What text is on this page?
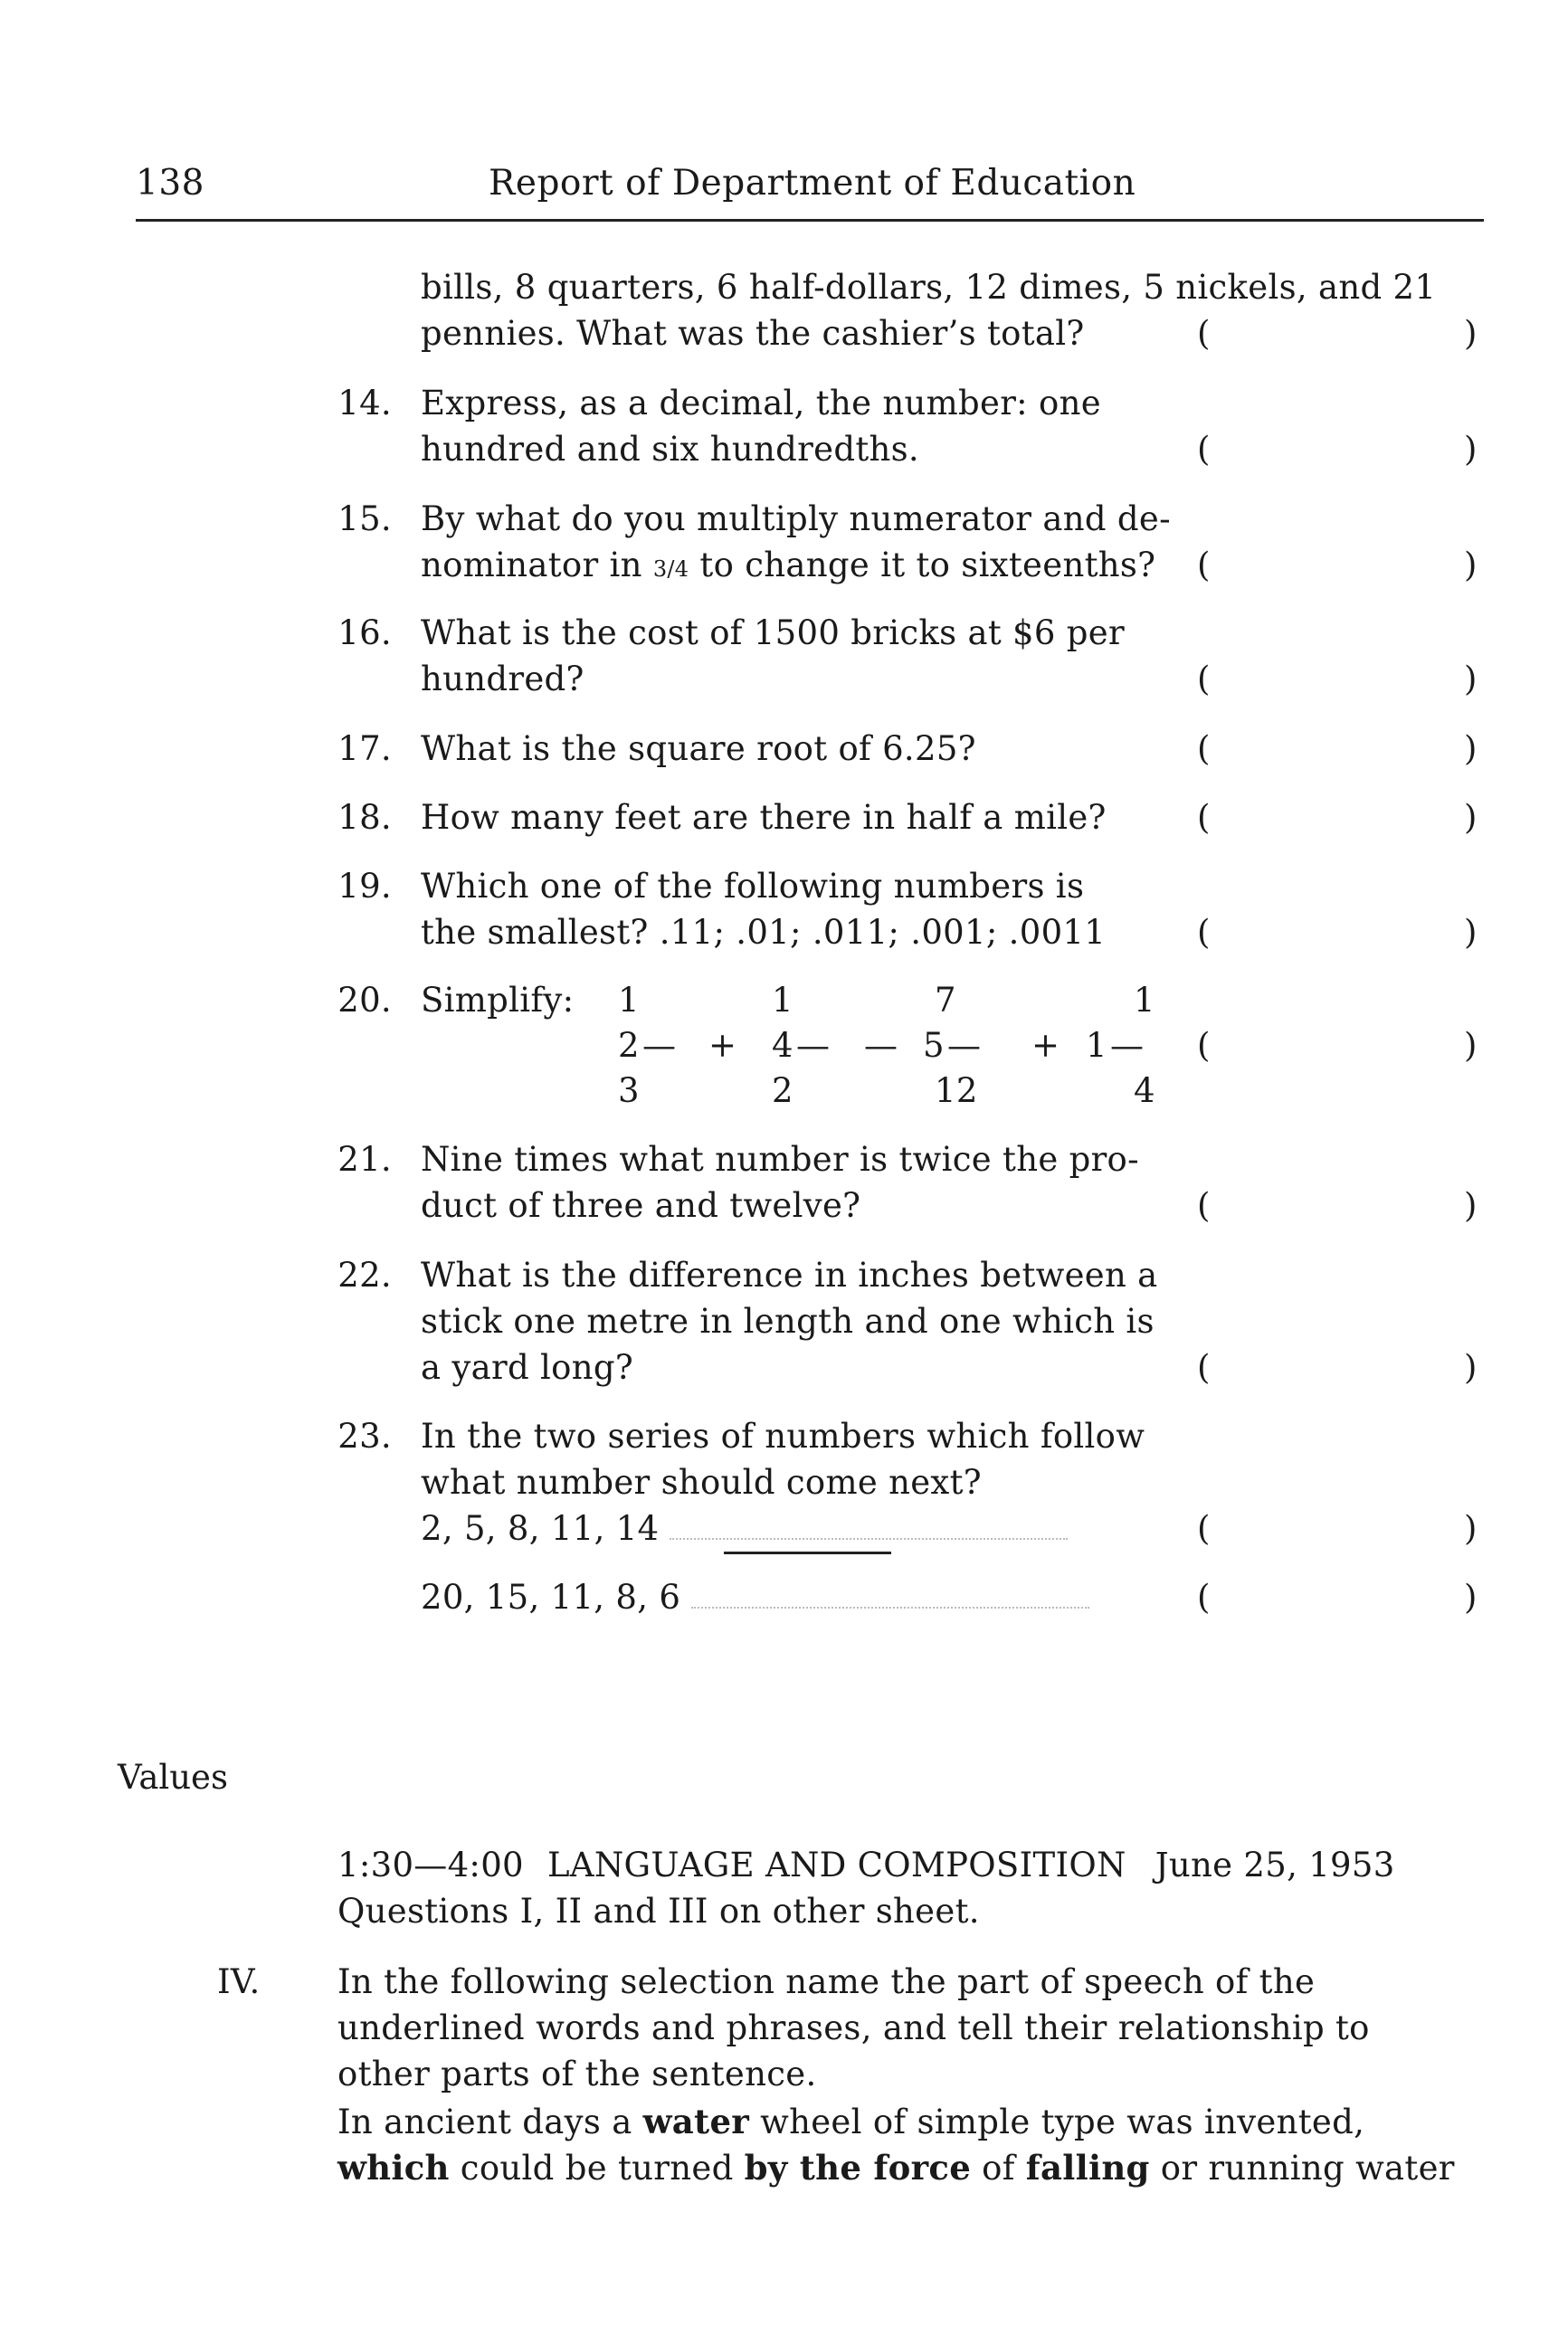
138	Report of Department of Education
bills, 8 quarters, 6 half-dollars, 12 dimes, 5 nickels, and 21
pennies. What was the cashier’s total?	(	)
14. Express, as a decimal, the number: one
hundred and six hundredths.	(	)
15. By what do you multiply numerator and de-
nominator in 3/4 to change it to sixteenths?	(	)
16. What is the cost of 1500 bricks at $6 per
hundred?	(	)
17. What is the square root of 6.25?	(	)
18. How many feet are there in half a mile?	(	)
19. Which one of the following numbers is
the smallest? .11; .01; .011; .001; .0011	(	)
20. Simplify:	1	1	7	1
2 — + 4 — — 5 — + 1 —
3	2	12	4
(	)
21. Nine times what number is twice the pro-
duct of three and twelve?	(	)
22. What is the difference in inches between a
stick one metre in length and one which is
a yard long?	(	)
23. In the two series of numbers which follow
what number should come next?
2, 5, 8, 11, 14	(	)
20, 15, 11, 8, 6	(	)
Values
1:30—4:00 LANGUAGE AND COMPOSITION June 25, 1953
Questions I, II and III on other sheet.
IV. In the following selection name the part of speech of the
underlined words and phrases, and tell their relationship to
other parts of the sentence.
In ancient days a water wheel of simple type was invented,
which could be turned by the force of falling or running water
